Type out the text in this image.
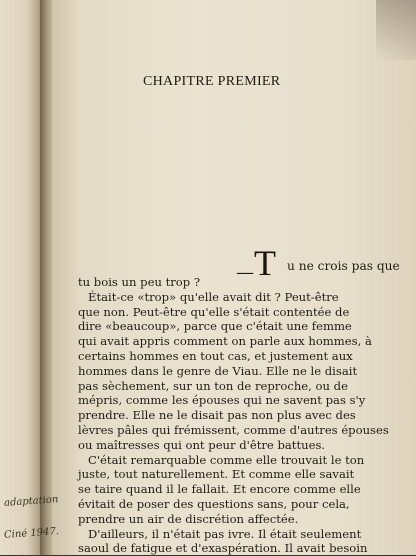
adaptation
Ciné 1947.
CHAPITRE PREMIER
— T u ne crois pas que
tu bois un peu trop ?
Était-ce «trop» qu'elle avait dit ? Peut-être
que non. Peut-être qu'elle s'était contentée de
dire «beaucoup», parce que c'était une femme
qui avait appris comment on parle aux hommes, à
certains hommes en tout cas, et justement aux
hommes dans le genre de Viau. Elle ne le disait
pas sèchement, sur un ton de reproche, ou de
mépris, comme les épouses qui ne savent pas s'y
prendre. Elle ne le disait pas non plus avec des
lèvres pâles qui frémissent, comme d'autres épouses
ou maîtresses qui ont peur d'être battues.
C'était remarquable comme elle trouvait le ton
juste, tout naturellement. Et comme elle savait
se taire quand il le fallait. Et encore comme elle
évitait de poser des questions sans, pour cela,
prendre un air de discrétion affectée.
D'ailleurs, il n'était pas ivre. Il était seulement
saoul de fatigue et d'exaspération. Il avait besoin
